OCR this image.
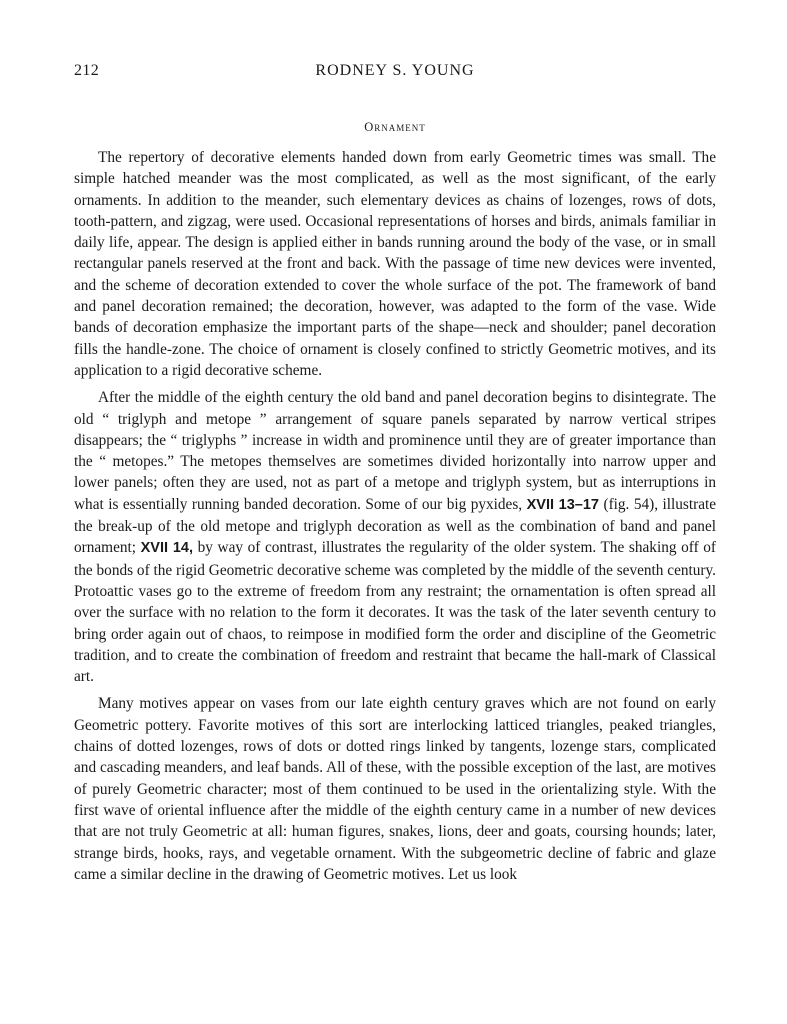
212	RODNEY S. YOUNG
Ornament

The repertory of decorative elements handed down from early Geometric times was small. The simple hatched meander was the most complicated, as well as the most significant, of the early ornaments. In addition to the meander, such elementary devices as chains of lozenges, rows of dots, tooth-pattern, and zigzag, were used. Occasional representations of horses and birds, animals familiar in daily life, appear. The design is applied either in bands running around the body of the vase, or in small rectangular panels reserved at the front and back. With the passage of time new devices were invented, and the scheme of decoration extended to cover the whole surface of the pot. The framework of band and panel decoration remained; the decoration, however, was adapted to the form of the vase. Wide bands of decoration emphasize the important parts of the shape—neck and shoulder; panel decoration fills the handle-zone. The choice of ornament is closely confined to strictly Geometric motives, and its application to a rigid decorative scheme.

After the middle of the eighth century the old band and panel decoration begins to disintegrate. The old “ triglyph and metope ” arrangement of square panels separated by narrow vertical stripes disappears; the “ triglyphs ” increase in width and prominence until they are of greater importance than the “ metopes.” The metopes themselves are sometimes divided horizontally into narrow upper and lower panels; often they are used, not as part of a metope and triglyph system, but as interruptions in what is essentially running banded decoration. Some of our big pyxides, XVII 13–17 (fig. 54), illustrate the break-up of the old metope and triglyph decoration as well as the combination of band and panel ornament; XVII 14, by way of contrast, illustrates the regularity of the older system. The shaking off of the bonds of the rigid Geometric decorative scheme was completed by the middle of the seventh century. Protoattic vases go to the extreme of freedom from any restraint; the ornamentation is often spread all over the surface with no relation to the form it decorates. It was the task of the later seventh century to bring order again out of chaos, to reimpose in modified form the order and discipline of the Geometric tradition, and to create the combination of freedom and restraint that became the hall-mark of Classical art.

Many motives appear on vases from our late eighth century graves which are not found on early Geometric pottery. Favorite motives of this sort are interlocking latticed triangles, peaked triangles, chains of dotted lozenges, rows of dots or dotted rings linked by tangents, lozenge stars, complicated and cascading meanders, and leaf bands. All of these, with the possible exception of the last, are motives of purely Geometric character; most of them continued to be used in the orientalizing style. With the first wave of oriental influence after the middle of the eighth century came in a number of new devices that are not truly Geometric at all: human figures, snakes, lions, deer and goats, coursing hounds; later, strange birds, hooks, rays, and vegetable ornament. With the subgeometric decline of fabric and glaze came a similar decline in the drawing of Geometric motives. Let us look
